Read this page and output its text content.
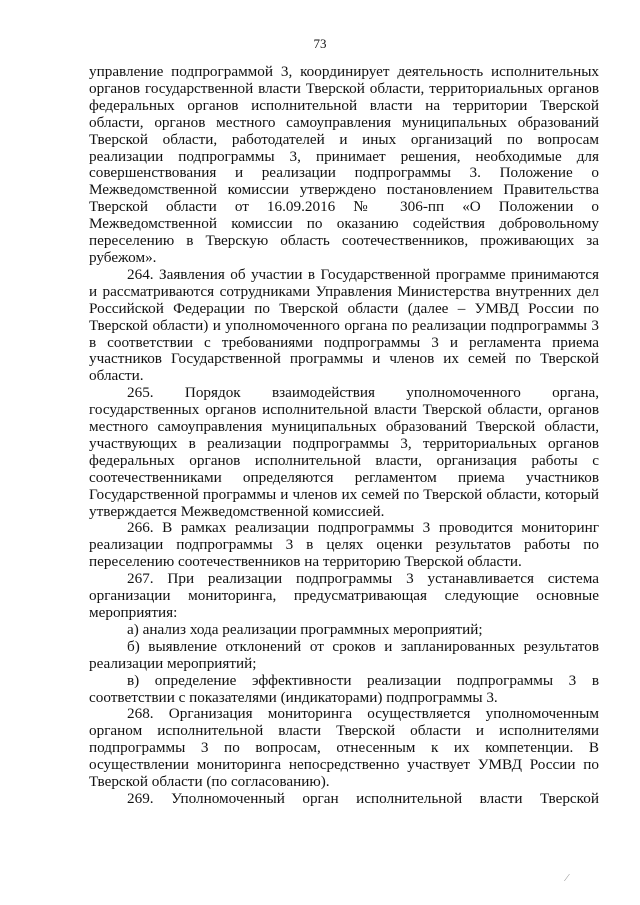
73

управление подпрограммой 3, координирует деятельность исполнительных органов государственной власти Тверской области, территориальных органов федеральных органов исполнительной власти на территории Тверской области, органов местного самоуправления муниципальных образований Тверской области, работодателей и иных организаций по вопросам реализации подпрограммы 3, принимает решения, необходимые для совершенствования и реализации подпрограммы 3. Положение о Межведомственной комиссии утверждено постановлением Правительства Тверской области от 16.09.2016 № 306-пп «О Положении о Межведомственной комиссии по оказанию содействия добровольному переселению в Тверскую область соотечественников, проживающих за рубежом».

264. Заявления об участии в Государственной программе принимаются и рассматриваются сотрудниками Управления Министерства внутренних дел Российской Федерации по Тверской области (далее – УМВД России по Тверской области) и уполномоченного органа по реализации подпрограммы 3 в соответствии с требованиями подпрограммы 3 и регламента приема участников Государственной программы и членов их семей по Тверской области.

265. Порядок взаимодействия уполномоченного органа, государственных органов исполнительной власти Тверской области, органов местного самоуправления муниципальных образований Тверской области, участвующих в реализации подпрограммы 3, территориальных органов федеральных органов исполнительной власти, организация работы с соотечественниками определяются регламентом приема участников Государственной программы и членов их семей по Тверской области, который утверждается Межведомственной комиссией.

266. В рамках реализации подпрограммы 3 проводится мониторинг реализации подпрограммы 3 в целях оценки результатов работы по переселению соотечественников на территорию Тверской области.

267. При реализации подпрограммы 3 устанавливается система организации мониторинга, предусматривающая следующие основные мероприятия:

а) анализ хода реализации программных мероприятий;

б) выявление отклонений от сроков и запланированных результатов реализации мероприятий;

в) определение эффективности реализации подпрограммы 3 в соответствии с показателями (индикаторами) подпрограммы 3.

268. Организация мониторинга осуществляется уполномоченным органом исполнительной власти Тверской области и исполнителями подпрограммы 3 по вопросам, отнесенным к их компетенции. В осуществлении мониторинга непосредственно участвует УМВД России по Тверской области (по согласованию).

269. Уполномоченный орган исполнительной власти Тверской

⁄
